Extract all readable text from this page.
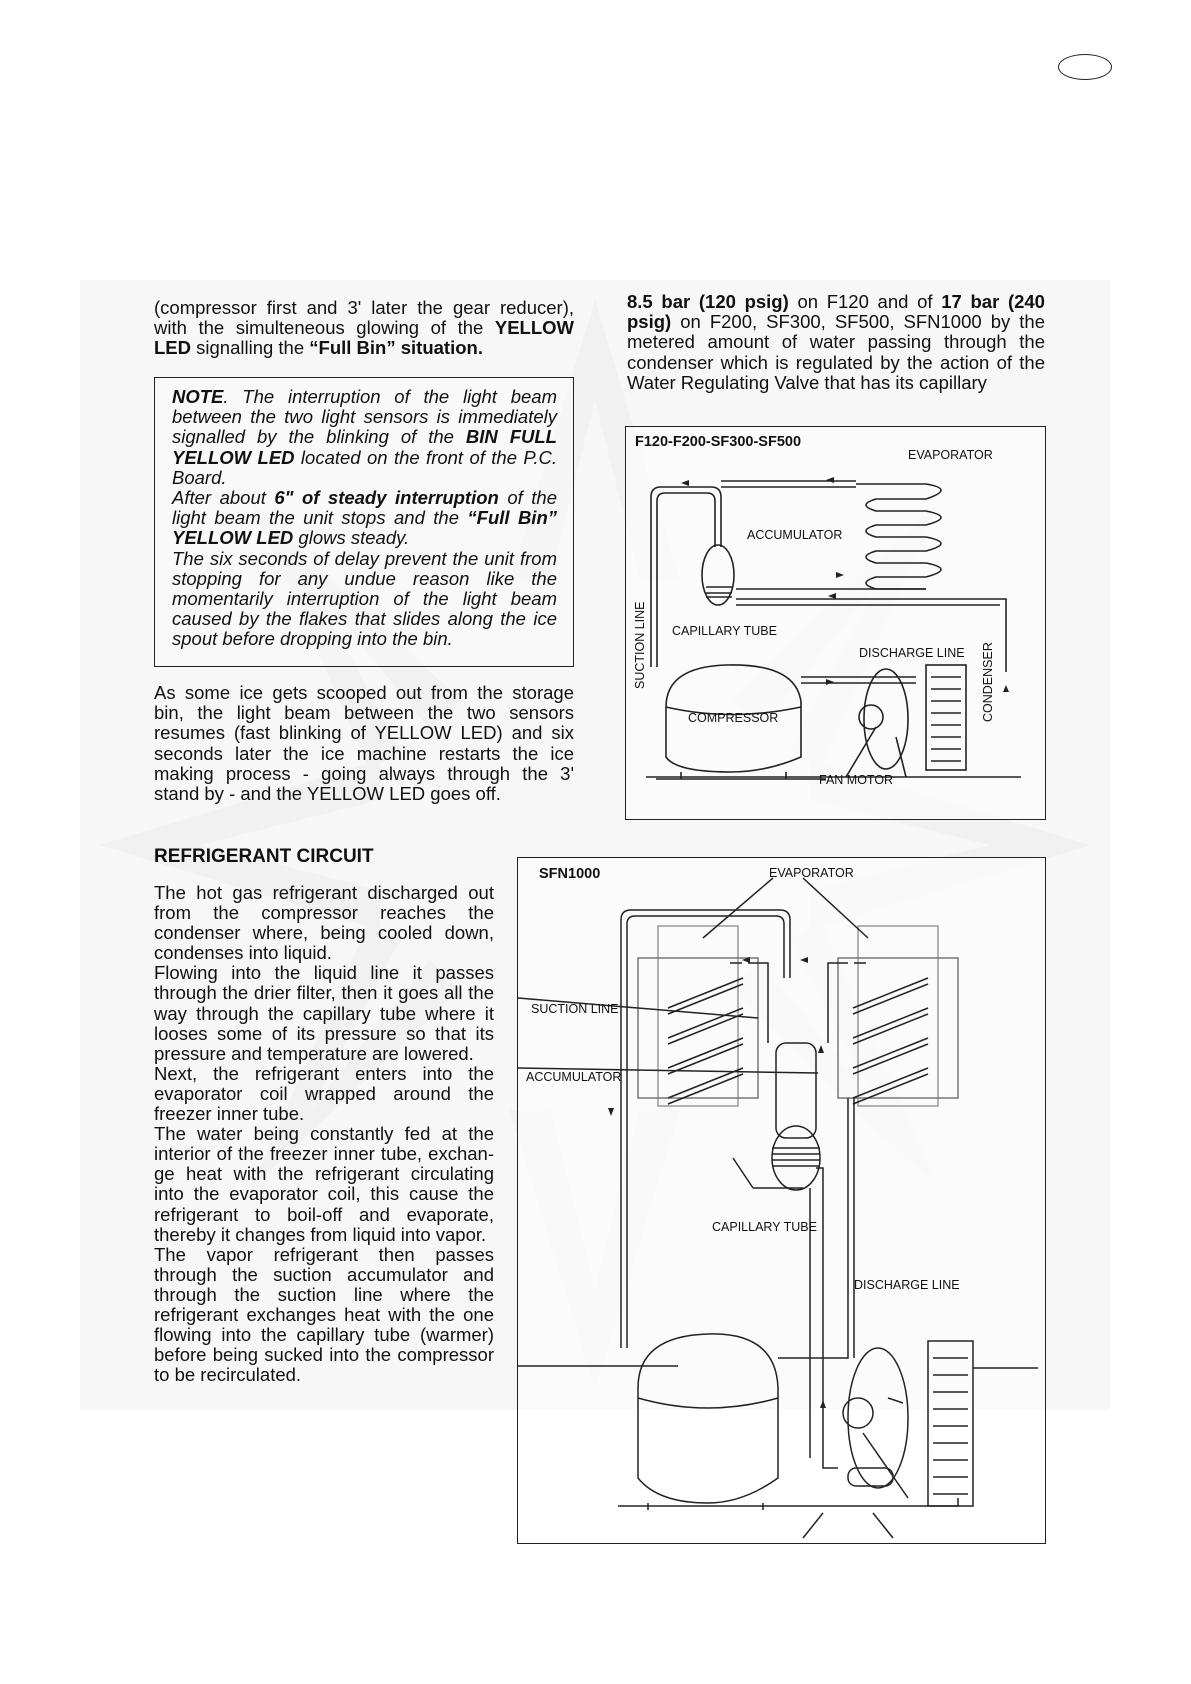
(compressor first and 3' later the gear reducer), with the simulteneous glowing of the YELLOW LED signalling the “Full Bin” situation.

NOTE. The interruption of the light beam between the two light sensors is immediately signalled by the blinking of the BIN FULL YELLOW LED located on the front of the P.C. Board.

After about 6" of steady interruption of the light beam the unit stops and the “Full Bin” YELLOW LED glows steady.

The six seconds of delay prevent the unit from stopping for any undue reason like the momentarily interruption of the light beam caused by the flakes that slides along the ice spout before dropping into the bin.

As some ice gets scooped out from the storage bin, the light beam between the two sensors resumes (fast blinking of YELLOW LED) and six seconds later the ice machine restarts the ice making process - going always through the 3' stand by - and the YELLOW LED goes off.

REFRIGERANT CIRCUIT

The hot gas refrigerant discharged out from the compressor reaches the condenser where, being cooled down, condenses into liquid.

Flowing into the liquid line it passes through the drier filter, then it goes all the way through the capillary tube where it looses some of its pressure so that its pressure and temperature are lowered.

Next, the refrigerant enters into the evaporator coil wrapped around the freezer inner tube.

The water being constantly fed at the interior of the freezer inner tube, exchan-ge heat with the refrigerant circulating into the evaporator coil, this cause the refrigerant to boil-off and evaporate, thereby it changes from liquid into vapor.

The vapor refrigerant then passes through the suction accumulator and through the suction line where the refrigerant exchanges heat with the one flowing into the capillary tube (warmer) before being sucked into the compressor to be recirculated.

8.5 bar (120 psig) on F120 and of 17 bar (240 psig) on F200, SF300, SF500, SFN1000 by the metered amount of water passing through the condenser which is regulated by the action of the Water Regulating Valve that has its capillary

F120-F200-SF300-SF500
EVAPORATOR
ACCUMULATOR
CAPILLARY TUBE
SUCTION LINE	DISCHARGE LINE CONDENSER
COMPRESSOR
FAN MOTOR
SFN1000	EVAPORATOR
SUCTION LINE
ACCUMULATOR
CAPILLARY TUBE
DISCHARGE LINE
